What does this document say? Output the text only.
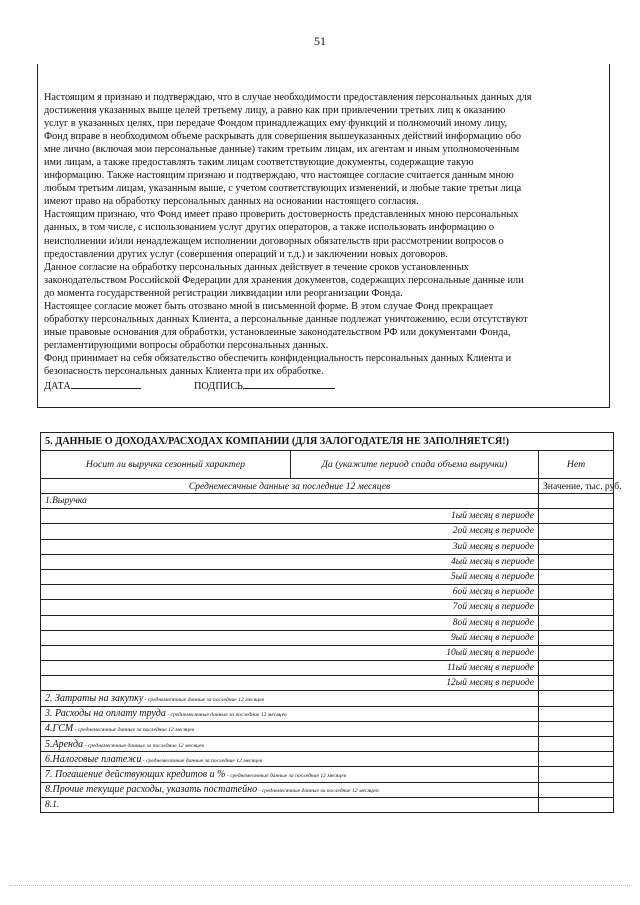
51
Настоящим я признаю и подтверждаю, что в случае необходимости предоставления персональных данных для
достижения указанных выше целей третьему лицу, а равно как при привлечении третьих лиц к оказанию
услуг в указанных целях, при передаче Фондом принадлежащих ему функций и полномочий иному лицу,
Фонд вправе в необходимом объеме раскрывать для совершения вышеуказанных действий информацию обо
мне лично (включая мои персональные данные) таким третьим лицам, их агентам и иным уполномоченным
ими лицам, а также предоставлять таким лицам соответствующие документы, содержащие такую
информацию. Также настоящим признаю и подтверждаю, что настоящее согласие считается данным мною
любым третьим лицам, указанным выше, с учетом соответствующих изменений, и любые такие третьи лица
имеют право на обработку персональных данных на основании настоящего согласия.
Настоящим признаю, что Фонд имеет право проверить достоверность представленных мною персональных
данных, в том числе, с использованием услуг других операторов, а также использовать информацию о
неисполнении и/или ненадлежащем исполнении договорных обязательств при рассмотрении вопросов о
предоставлении других услуг (совершения операций и т.д.) и заключении новых договоров.
Данное согласие на обработку персональных данных действует в течение сроков установленных
законодательством Российской Федерации для хранения документов, содержащих персональные данные или
до момента государственной регистрации ликвидации или реорганизации Фонда.
Настоящее согласие может быть отозвано мной в письменной форме. В этом случае Фонд прекращает
обработку персональных данных Клиента, а персональные данные подлежат уничтожению, если отсутствуют
иные правовые основания для обработки, установленные законодательством РФ или документами Фонда,
регламентирующими вопросы обработки персональных данных.
Фонд принимает на себя обязательство обеспечить конфиденциальность персональных данных Клиента и
безопасность персональных данных Клиента при их обработке.
ДАТА	ПОДПИСЬ
5. ДАННЫЕ О ДОХОДАХ/РАСХОДАХ КОМПАНИИ (ДЛЯ ЗАЛОГОДАТЕЛЯ НЕ ЗАПОЛНЯЕТСЯ!)		
Носит ли выручка сезонный характер	Да (укажите период спада объема выручки)	Нет
Среднемесячные данные за последние 12 месяцев		Значение, тыс. руб.
1.Выручка		
1ый месяц в периоде		
2ой месяц в периоде		
3ий месяц в периоде		
4ый месяц в периоде		
5ый месяц в периоде		
6ой месяц в периоде		
7ой месяц в периоде		
8ой месяц в периоде		
9ый месяц в периоде		
10ый месяц в периоде		
11ый месяц в периоде		
12ый месяц в периоде		
2. Затраты на закупку - среднемесячные данные за последние 12 месяцев		
3. Расходы на оплату труда - среднемесячные данные за последние 12 месяцев		
4.ГСМ - среднемесячные данные за последние 12 месяцев		
5.Аренда - среднемесячные данные за последние 12 месяцев		
6.Налоговые платежи - среднемесячные данные за последние 12 месяцев		
7. Погашение действующих кредитов и % - среднемесячные данные за последние 12 месяцев		
8.Прочие текущие расходы, указать постатейно - среднемесячные данные за последние 12 месяцев:		
8.1.		
